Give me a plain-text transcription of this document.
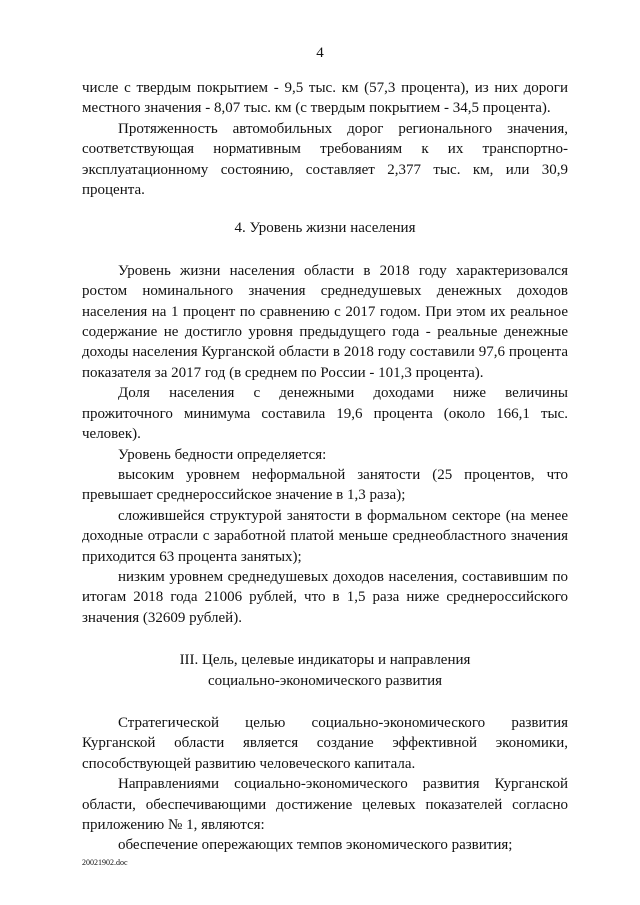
4

числе с твердым покрытием - 9,5 тыс. км (57,3 процента), из них дороги местного значения - 8,07 тыс. км (с твердым покрытием - 34,5 процента).

Протяженность автомобильных дорог регионального значения, соответствующая нормативным требованиям к их транспортно-эксплуатационному состоянию, составляет 2,377 тыс. км, или 30,9 процента.

4. Уровень жизни населения

Уровень жизни населения области в 2018 году характеризовался ростом номинального значения среднедушевых денежных доходов населения на 1 процент по сравнению с 2017 годом. При этом их реальное содержание не достигло уровня предыдущего года - реальные денежные доходы населения Курганской области в 2018 году составили 97,6 процента показателя за 2017 год (в среднем по России - 101,3 процента).

Доля населения с денежными доходами ниже величины прожиточного минимума составила 19,6 процента (около 166,1 тыс. человек).

Уровень бедности определяется:

высоким уровнем неформальной занятости (25 процентов, что превышает среднероссийское значение в 1,3 раза);

сложившейся структурой занятости в формальном секторе (на менее доходные отрасли с заработной платой меньше среднеобластного значения приходится 63 процента занятых);

низким уровнем среднедушевых доходов населения, составившим по итогам 2018 года 21006 рублей, что в 1,5 раза ниже среднероссийского значения (32609 рублей).

III. Цель, целевые индикаторы и направления
социально-экономического развития

Стратегической целью социально-экономического развития Курганской области является создание эффективной экономики, способствующей развитию человеческого капитала.

Направлениями социально-экономического развития Курганской области, обеспечивающими достижение целевых показателей согласно приложению № 1, являются:

обеспечение опережающих темпов экономического развития;

20021902.doc
